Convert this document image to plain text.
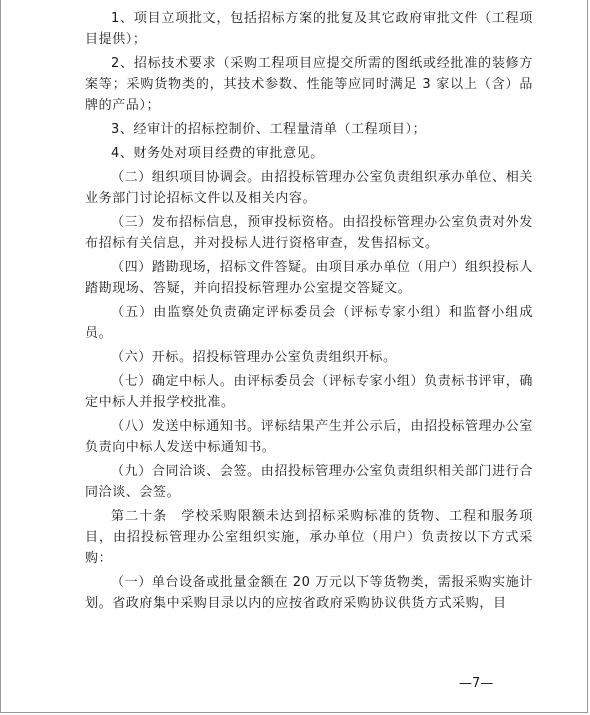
1、项目立项批文，包括招标方案的批复及其它政府审批文件（工程项目提供）；

2、招标技术要求（采购工程项目应提交所需的图纸或经批准的装修方案等；采购货物类的，其技术参数、性能等应同时满足 3 家以上（含）品牌的产品）；

3、经审计的招标控制价、工程量清单（工程项目）；

4、财务处对项目经费的审批意见。

（二）组织项目协调会。由招投标管理办公室负责组织承办单位、相关业务部门讨论招标文件以及相关内容。

（三）发布招标信息，预审投标资格。由招投标管理办公室负责对外发布招标有关信息，并对投标人进行资格审查，发售招标文。

（四）踏勘现场，招标文件答疑。由项目承办单位（用户）组织投标人踏勘现场、答疑，并向招投标管理办公室提交答疑文。

（五）由监察处负责确定评标委员会（评标专家小组）和监督小组成员。

（六）开标。招投标管理办公室负责组织开标。

（七）确定中标人。由评标委员会（评标专家小组）负责标书评审，确定中标人并报学校批准。

（八）发送中标通知书。评标结果产生并公示后，由招投标管理办公室负责向中标人发送中标通知书。

（九）合同洽谈、会签。由招投标管理办公室负责组织相关部门进行合同洽谈、会签。

第二十条　学校采购限额未达到招标采购标准的货物、工程和服务项目，由招投标管理办公室组织实施，承办单位（用户）负责按以下方式采购：

（一）单台设备或批量金额在 20 万元以下等货物类，需报采购实施计划。省政府集中采购目录以内的应按省政府采购协议供货方式采购，目

—7—
